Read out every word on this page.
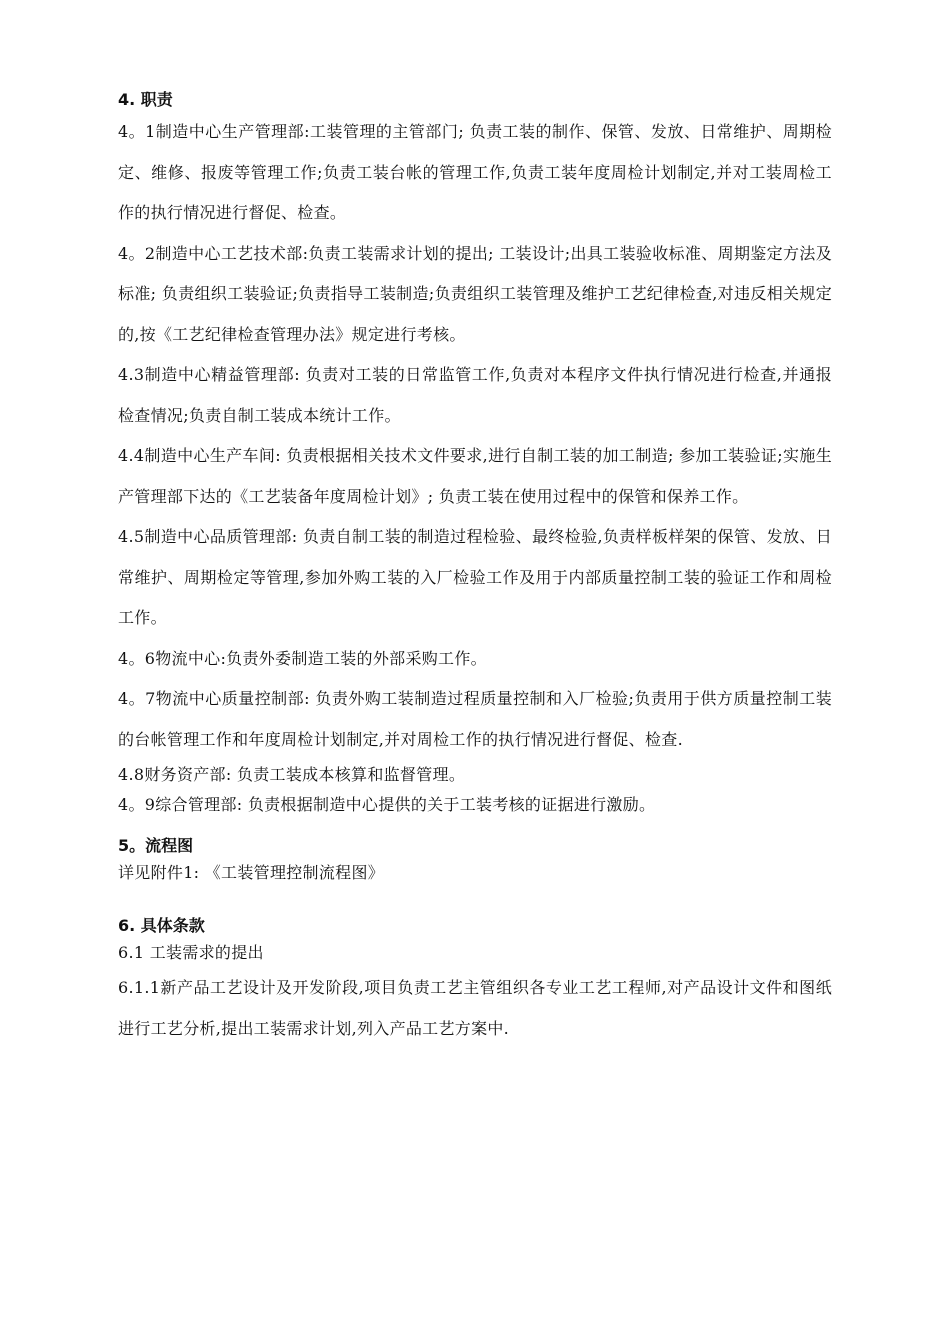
4. 职责

4。1制造中心生产管理部:工装管理的主管部门; 负责工装的制作、保管、发放、日常维护、周期检定、维修、报废等管理工作;负责工装台帐的管理工作,负责工装年度周检计划制定,并对工装周检工作的执行情况进行督促、检查。

4。2制造中心工艺技术部:负责工装需求计划的提出; 工装设计;出具工装验收标准、周期鉴定方法及标准; 负责组织工装验证;负责指导工装制造;负责组织工装管理及维护工艺纪律检查,对违反相关规定的,按《工艺纪律检查管理办法》规定进行考核。

4.3制造中心精益管理部: 负责对工装的日常监管工作,负责对本程序文件执行情况进行检查,并通报检查情况;负责自制工装成本统计工作。

4.4制造中心生产车间: 负责根据相关技术文件要求,进行自制工装的加工制造; 参加工装验证;实施生产管理部下达的《工艺装备年度周检计划》; 负责工装在使用过程中的保管和保养工作。

4.5制造中心品质管理部: 负责自制工装的制造过程检验、最终检验,负责样板样架的保管、发放、日常维护、周期检定等管理,参加外购工装的入厂检验工作及用于内部质量控制工装的验证工作和周检工作。

4。6物流中心:负责外委制造工装的外部采购工作。

4。7物流中心质量控制部: 负责外购工装制造过程质量控制和入厂检验;负责用于供方质量控制工装的台帐管理工作和年度周检计划制定,并对周检工作的执行情况进行督促、检查.

4.8财务资产部: 负责工装成本核算和监督管理。

4。9综合管理部: 负责根据制造中心提供的关于工装考核的证据进行激励。

5。流程图

详见附件1: 《工装管理控制流程图》

6. 具体条款

6.1 工装需求的提出

6.1.1新产品工艺设计及开发阶段,项目负责工艺主管组织各专业工艺工程师,对产品设计文件和图纸进行工艺分析,提出工装需求计划,列入产品工艺方案中.
